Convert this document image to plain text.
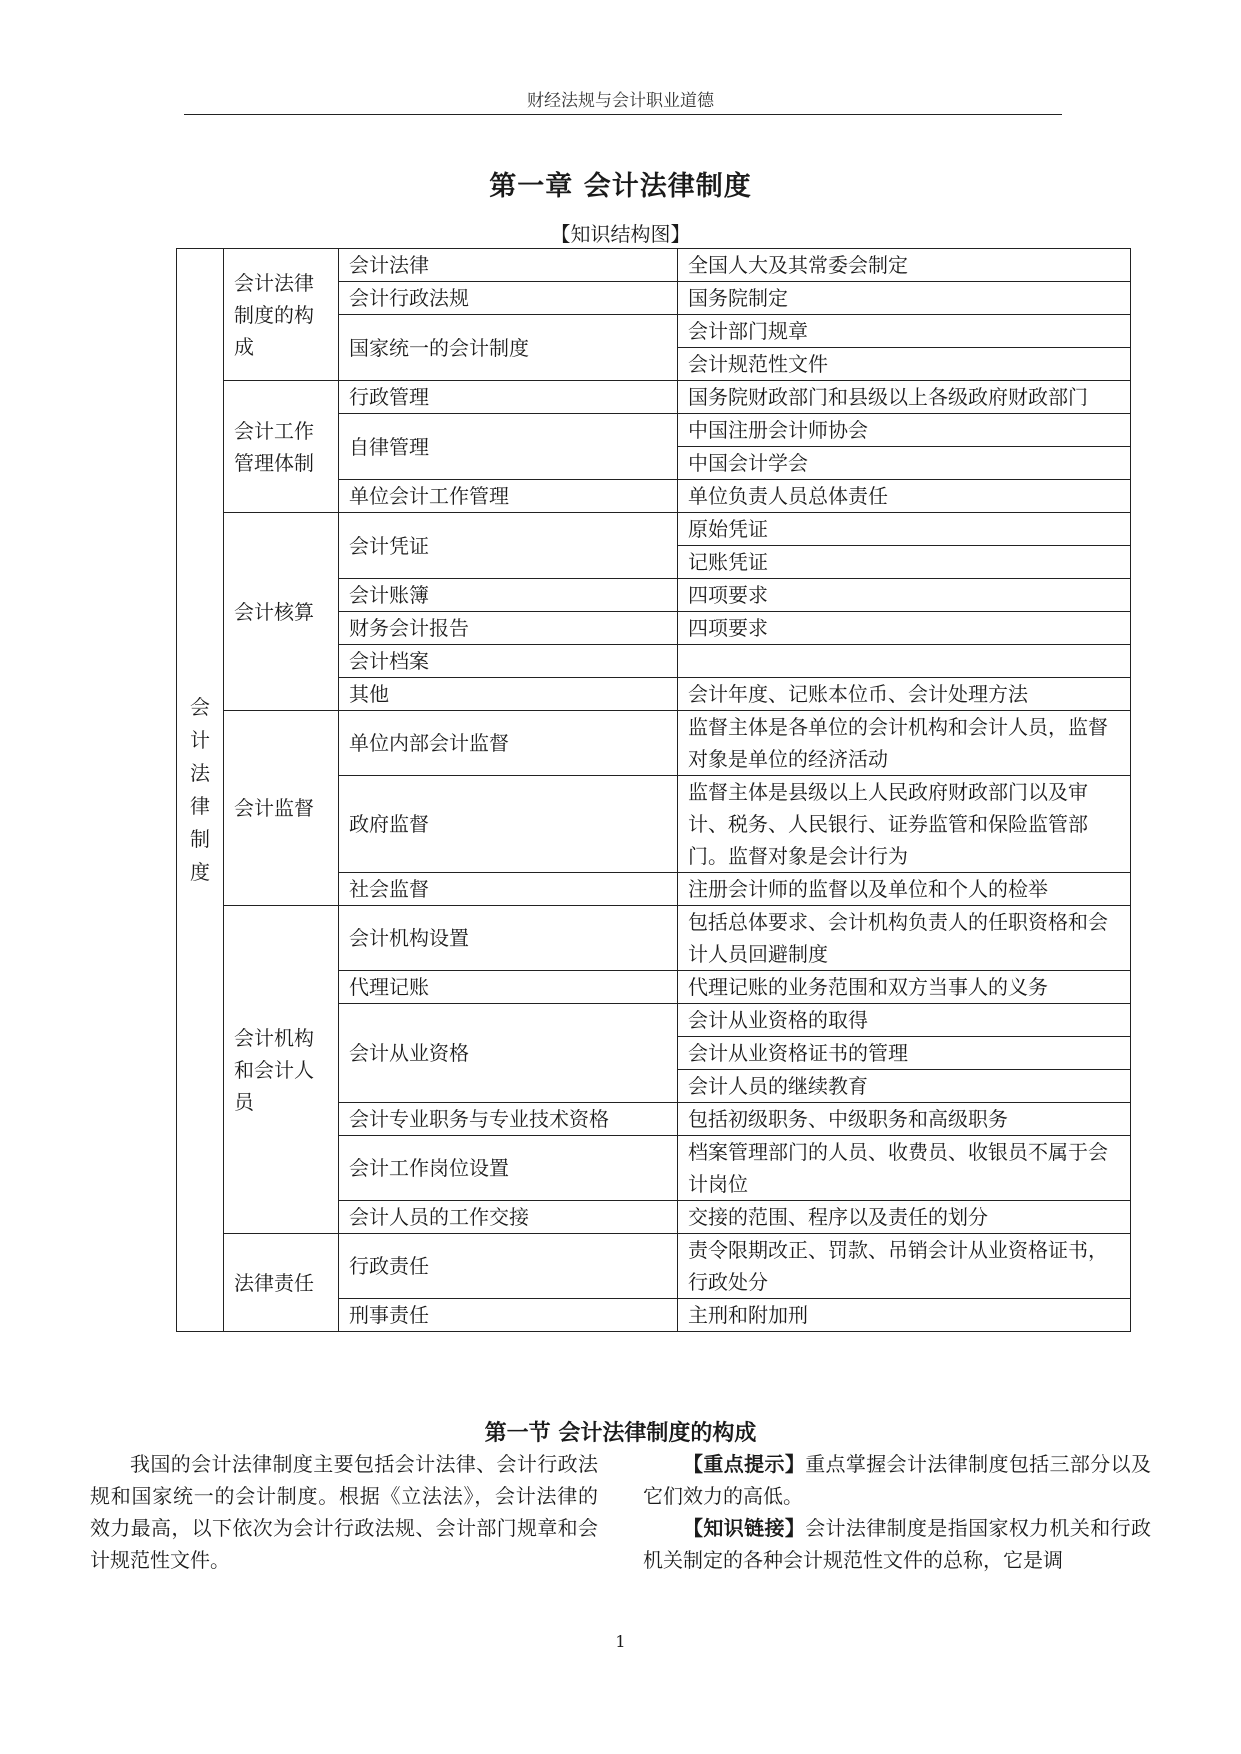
财经法规与会计职业道德
第一章 会计法律制度
【知识结构图】
会计法律制度	会计法律制度的构成	会计法律	全国人大及其常委会制定
		会计行政法规	国务院制定
		国家统一的会计制度	会计部门规章
			会计规范性文件
	会计工作管理体制	行政管理	国务院财政部门和县级以上各级政府财政部门
		自律管理	中国注册会计师协会
			中国会计学会
		单位会计工作管理	单位负责人员总体责任
	会计核算	会计凭证	原始凭证
			记账凭证
		会计账簿	四项要求
		财务会计报告	四项要求
		会计档案	
		其他	会计年度、记账本位币、会计处理方法
	会计监督	单位内部会计监督	监督主体是各单位的会计机构和会计人员，监督对象是单位的经济活动
		政府监督	监督主体是县级以上人民政府财政部门以及审计、税务、人民银行、证券监管和保险监管部门。监督对象是会计行为
		社会监督	注册会计师的监督以及单位和个人的检举
	会计机构和会计人员	会计机构设置	包括总体要求、会计机构负责人的任职资格和会计人员回避制度
		代理记账	代理记账的业务范围和双方当事人的义务
		会计从业资格	会计从业资格的取得
			会计从业资格证书的管理
			会计人员的继续教育
		会计专业职务与专业技术资格	包括初级职务、中级职务和高级职务
		会计工作岗位设置	档案管理部门的人员、收费员、收银员不属于会计岗位
		会计人员的工作交接	交接的范围、程序以及责任的划分
	法律责任	行政责任	责令限期改正、罚款、吊销会计从业资格证书，行政处分
		刑事责任	主刑和附加刑
第一节 会计法律制度的构成

我国的会计法律制度主要包括会计法律、会计行政法规和国家统一的会计制度。根据《立法法》，会计法律的效力最高，以下依次为会计行政法规、会计部门规章和会计规范性文件。

【重点提示】重点掌握会计法律制度包括三部分以及它们效力的高低。

【知识链接】会计法律制度是指国家权力机关和行政机关制定的各种会计规范性文件的总称，它是调

1
